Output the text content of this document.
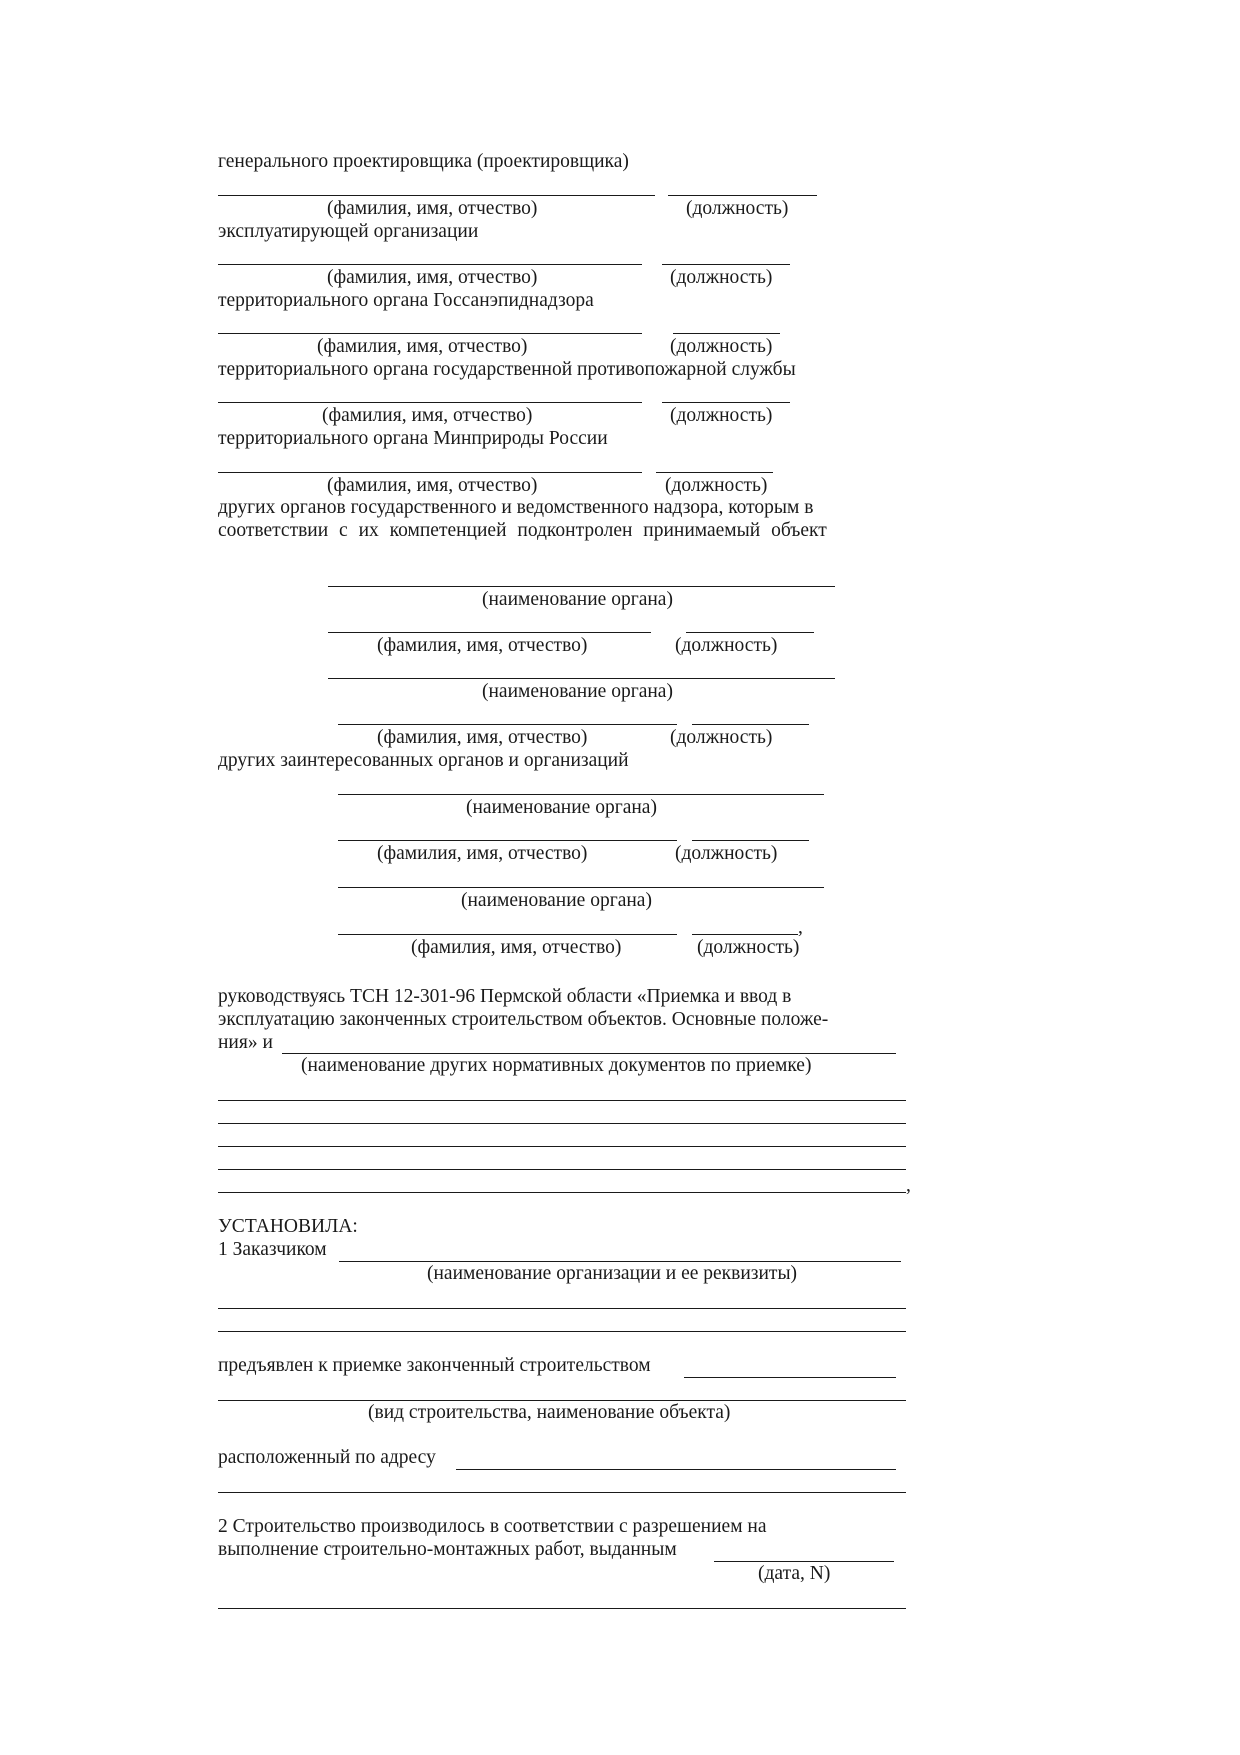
генерального проектировщика (проектировщика)
(фамилия, имя, отчество)	(должность)
эксплуатирующей организации
(фамилия, имя, отчество)	(должность)
территориального органа Госсанэпиднадзора
(фамилия, имя, отчество)	(должность)
территориального органа государственной противопожарной службы
(фамилия, имя, отчество)	(должность)
территориального органа Минприроды России
(фамилия, имя, отчество)	(должность)
других органов государственного и ведомственного надзора, которым в
соответствии с их компетенцией подконтролен принимаемый объект
(наименование органа)
(фамилия, имя, отчество)	(должность)
(наименование органа)
(фамилия, имя, отчество)	(должность)
других заинтересованных органов и организаций
(наименование органа)
(фамилия, имя, отчество)	(должность)
(наименование органа)
,
(фамилия, имя, отчество)	(должность)
руководствуясь ТСН 12-301-96 Пермской области «Приемка и ввод в
эксплуатацию законченных строительством объектов. Основные положе-
ния» и
(наименование других нормативных документов по приемке)
,
УСТАНОВИЛА:
1 Заказчиком
(наименование организации и ее реквизиты)
предъявлен к приемке законченный строительством
(вид строительства, наименование объекта)
расположенный по адресу
2 Строительство производилось в соответствии с разрешением на
выполнение строительно-монтажных работ, выданным
(дата, N)
